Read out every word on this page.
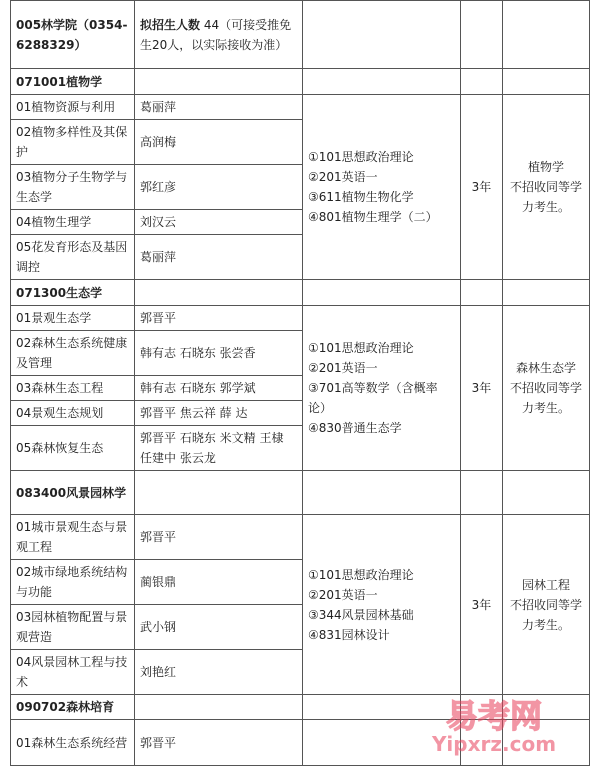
005林学院（0354-6288329）	拟招生人数 44（可接受推免生20人，以实际接收为准）			
071001植物学				
01植物资源与利用	葛丽萍	①101思想政治理论
②201英语一
③611植物生物化学
④801植物生理学（二）	3年	植物学
不招收同等学力考生。
02植物多样性及其保护	高润梅			
03植物分子生物学与生态学	郭红彦			
04植物生理学	刘汉云			
05花发育形态及基因调控	葛丽萍			
071300生态学				
01景观生态学	郭晋平	①101思想政治理论
②201英语一
③701高等数学（含概率论）
④830普通生态学	3年	森林生态学
不招收同等学力考生。
02森林生态系统健康及管理	韩有志 石晓东 张尝香			
03森林生态工程	韩有志 石晓东 郭学斌			
04景观生态规划	郭晋平 焦云祥 薛 达			
05森林恢复生态	郭晋平 石晓东 米文精 王棣 任建中 张云龙			
083400风景园林学				
01城市景观生态与景观工程	郭晋平	①101思想政治理论
②201英语一
③344风景园林基础
④831园林设计	3年	园林工程
不招收同等学力考生。
02城市绿地系统结构与功能	蔺银鼎			
03园林植物配置与景观营造	武小钢			
04风景园林工程与技术	刘艳红			
090702森林培育				
01森林生态系统经营	郭晋平			
易考网
Yipxrz.com
